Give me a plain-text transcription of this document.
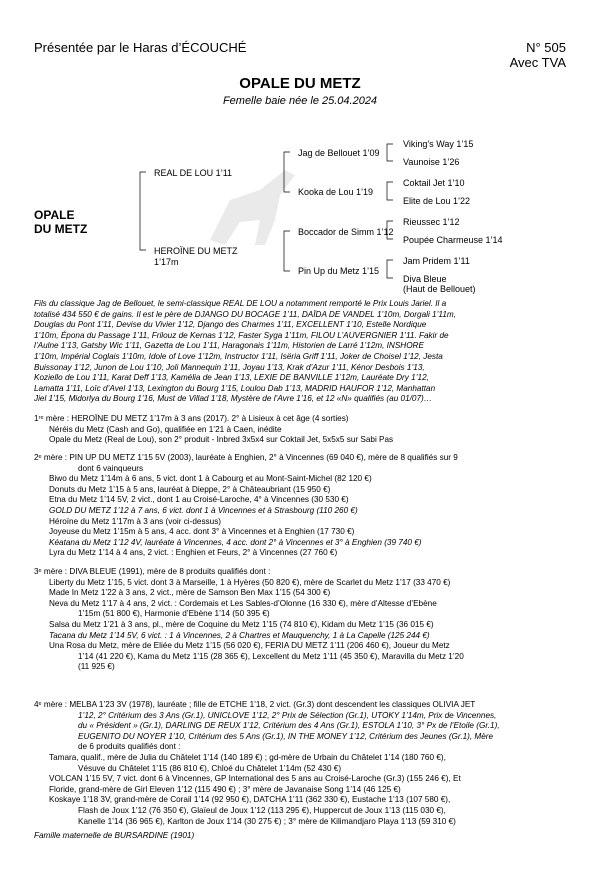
Présentée par le Haras d’ÉCOUCHÉ	N° 505
Avec TVA
OPALE DU METZ
Femelle baie née le 25.04.2024
OPALE
DU METZ
REAL DE LOU 1’11
HEROÏNE DU METZ
1’17m
Jag de Bellouet 1’09
Kooka de Lou 1’19
Boccador de Simm 1’12
Pin Up du Metz 1’15
Viking’s Way 1’15
Vaunoise 1’26
Coktail Jet 1’10
Elite de Lou 1’22
Rieussec 1’12
Poupée Charmeuse 1’14
Jam Pridem 1’11
Diva Bleue
(Haut de Bellouet)

Fils du classique Jag de Bellouet, le semi-classique REAL DE LOU a notamment remporté le Prix Louis Jariel. Il a

totalisé 434 550 € de gains. Il est le père de DJANGO DU BOCAGE 1’11, DAÏDA DE VANDEL 1’10m, Dorgali 1’11m,

Douglas du Pont 1’11, Devise du Vivier 1’12, Django des Charmes 1’11, EXCELLENT 1’10, Estelle Nordique

1’10m, Épona du Passage 1’11, Frilouz de Kernas 1’12, Faster Syga 1’11m, FILOU L’AUVERGNIER 1’11. Fakir de

l’Aulne 1’13, Gatsby Wic 1’11, Gazetta de Lou 1’11, Haragonais 1’11m, Historien de Larré 1’12m, INSHORE

1’10m, Impérial Coglais 1’10m, Idole of Love 1’12m, Instructor 1’11, Isëria Griff 1’11, Joker de Choisel 1’12, Jesta

Buissonay 1’12, Junon de Lou 1’10, Joli Mannequin 1’11, Joyau 1’13, Krak d’Azur 1’11, Kénor Desbois 1’13,

Koziello de Lou 1’11, Karat Deff 1’13, Kamélia de Jean 1’13, LEXIE DE BANVILLE 1’12m, Lauréate Dry 1’12,

Lamatta 1’11, Loïc d’Avel 1’13, Lexington du Bourg 1’15, Loulou Dab 1’13, MADRID HAUFOR 1’12, Manhattan

Jiel 1’15, Midorlya du Bourg 1’16, Must de Villad 1’18, Mystère de l’Avre 1’16, et 12 «N» qualifiés (au 01/07)…

1ʳᵉ mère : HEROÏNE DU METZ 1’17m à 3 ans (2017). 2° à Lisieux à cet âge (4 sorties)
Néréis du Metz (Cash and Go), qualifiée en 1’21 à Caen, inédite
Opale du Metz (Real de Lou), son 2° produit - Inbred 3x5x4 sur Coktail Jet, 5x5x5 sur Sabi Pas
2ᵉ mère : PIN UP DU METZ 1’15 5V (2003), lauréate à Enghien, 2° à Vincennes (69 040 €), mère de 8 qualifiés sur 9
dont 6 vainqueurs
Biwo du Metz 1’14m à 6 ans, 5 vict. dont 1 à Cabourg et au Mont-Saint-Michel (82 120 €)
Donuts du Metz 1’15 à 5 ans, lauréat à Dieppe, 2° à Châteaubriant (15 950 €)
Etna du Metz 1’14 5V, 2 vict., dont 1 au Croisé-Laroche, 4° à Vincennes (30 530 €)
GOLD DU METZ 1’12 à 7 ans, 6 vict. dont 1 à Vincennes et à Strasbourg (110 260 €)
Héroïne du Metz 1’17m à 3 ans (voir ci-dessus)
Joyeuse du Metz 1’15m à 5 ans, 4 acc. dont 3° à Vincennes et à Enghien (17 730 €)
Kéatana du Metz 1’12 4V, lauréate à Vincennes, 4 acc. dont 2° à Vincennes et 3° à Enghien (39 740 €)
Lyra du Metz 1’14 à 4 ans, 2 vict. : Enghien et Feurs, 2° à Vincennes (27 760 €)
3ᵉ mère : DIVA BLEUE (1991), mère de 8 produits qualifiés dont :
Liberty du Metz 1’15, 5 vict. dont 3 à Marseille, 1 à Hyères (50 820 €), mère de Scarlet du Metz 1’17 (33 470 €)
Made In Metz 1’22 à 3 ans, 2 vict., mère de Samson Ben Max 1’15 (54 300 €)
Neva du Metz 1’17 à 4 ans, 2 vict. : Cordemais et Les Sables-d’Olonne (16 330 €), mère d’Altesse d’Ebène
1’15m (51 800 €), Harmonie d’Ebène 1’14 (50 395 €)
Salsa du Metz 1’21 à 3 ans, pl., mère de Coquine du Metz 1’15 (74 810 €), Kidam du Metz 1’15 (36 015 €)
Tacana du Metz 1’14 5V, 6 vict. : 1 à Vincennes, 2 à Chartres et Mauquenchy, 1 à La Capelle (125 244 €)
Una Rosa du Metz, mère de Eliée du Metz 1’15 (56 020 €), FERIA DU METZ 1’11 (206 460 €), Joueur du Metz
1’14 (41 220 €), Kama du Metz 1’15 (28 365 €), Lexcellent du Metz 1’11 (45 350 €), Maravilla du Metz 1’20
(11 925 €)
4ᵉ mère : MELBA 1’23 3V (1978), lauréate ; fille de ETCHE 1’18, 2 vict. (Gr.3) dont descendent les classiques OLIVIA JET
1’12, 2° Critérium des 3 Ans (Gr.1), UNICLOVE 1’12, 2° Prix de Sélection (Gr.1), UTOKY 1’14m, Prix de Vincennes,
du « Président » (Gr.1), DARLING DE REUX 1’12, Critérium des 4 Ans (Gr.1), ESTOLA 1’10, 3° Px de l’Etoile (Gr.1),
EUGENITO DU NOYER 1’10, Critérium des 5 Ans (Gr.1), IN THE MONEY 1’12, Critérium des Jeunes (Gr.1), Mère
de 6 produits qualifiés dont :
Tamara, qualif., mère de Julia du Châtelet 1’14 (140 189 €) ; gd-mère de Urbain du Châtelet 1’14 (180 760 €),
Vésuve du Châtelet 1’15 (86 810 €), Chloé du Châtelet 1’14m (52 430 €)
VOLCAN 1’15 5V, 7 vict. dont 6 à Vincennes, GP International des 5 ans au Croisé-Laroche (Gr.3) (155 246 €), Et
Floride, grand-mère de Girl Eleven 1’12 (115 490 €) ; 3° mère de Javanaise Song 1’14 (46 125 €)
Koskaye 1’18 3V, grand-mère de Corail 1’14 (92 950 €), DATCHA 1’11 (362 330 €), Eustache 1’13 (107 580 €),
Flash de Joux 1’12 (76 350 €), Glaïeul de Joux 1’12 (113 295 €), Huppercut de Joux 1’13 (115 030 €),
Kanelle 1’14 (36 965 €), Karlton de Joux 1’14 (30 275 €) ; 3° mère de Kilimandjaro Playa 1’13 (59 310 €)
Famille maternelle de BURSARDINE (1901)
